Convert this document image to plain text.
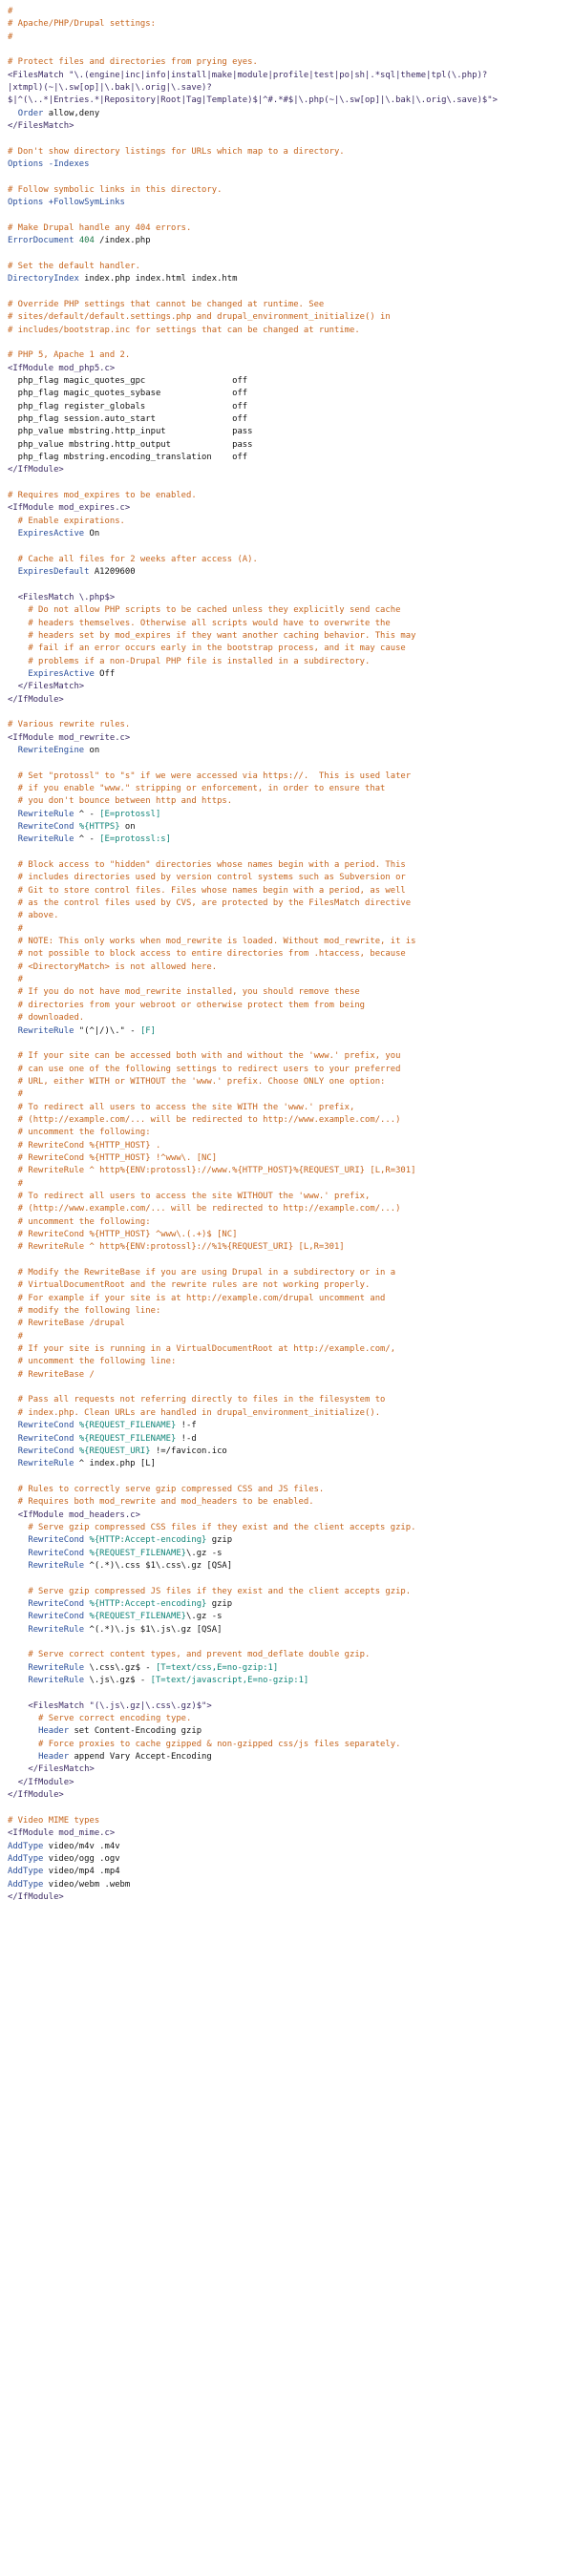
#
# Apache/PHP/Drupal settings:
#
# Protect files and directories from prying eyes.
<FilesMatch "\.(engine|inc|info|install|make|module|profile|test|po|sh|.*sql|theme|tpl(\.php)?
|xtmpl)(~|\.sw[op]|\.bak|\.orig|\.save)?
$|^(\..*|Entries.*|Repository|Root|Tag|Template)$|^#.*#$|\.php(~|\.sw[op]|\.bak|\.orig\.save)$">
Order allow,deny
</FilesMatch>
# Don't show directory listings for URLs which map to a directory.
Options -Indexes
# Follow symbolic links in this directory.
Options +FollowSymLinks
# Make Drupal handle any 404 errors.
ErrorDocument 404 /index.php
# Set the default handler.
DirectoryIndex index.php index.html index.htm
# Override PHP settings that cannot be changed at runtime. See
# sites/default/default.settings.php and drupal_environment_initialize() in
# includes/bootstrap.inc for settings that can be changed at runtime.
# PHP 5, Apache 1 and 2.
<IfModule mod_php5.c>
php_flag magic_quotes_gpc                 off
php_flag magic_quotes_sybase              off
php_flag register_globals                 off
php_flag session.auto_start               off
php_value mbstring.http_input             pass
php_value mbstring.http_output            pass
php_flag mbstring.encoding_translation    off
</IfModule>
# Requires mod_expires to be enabled.
<IfModule mod_expires.c>
# Enable expirations.
ExpiresActive On
# Cache all files for 2 weeks after access (A).
ExpiresDefault A1209600
<FilesMatch \.php$>
# Do not allow PHP scripts to be cached unless they explicitly send cache
# headers themselves. Otherwise all scripts would have to overwrite the
# headers set by mod_expires if they want another caching behavior. This may
# fail if an error occurs early in the bootstrap process, and it may cause
# problems if a non-Drupal PHP file is installed in a subdirectory.
ExpiresActive Off
</FilesMatch>
</IfModule>
# Various rewrite rules.
<IfModule mod_rewrite.c>
RewriteEngine on
# Set "protossl" to "s" if we were accessed via https://.  This is used later
# if you enable "www." stripping or enforcement, in order to ensure that
# you don't bounce between http and https.
RewriteRule ^ - [E=protossl]
RewriteCond %{HTTPS} on
RewriteRule ^ - [E=protossl:s]
# Block access to "hidden" directories whose names begin with a period. This
# includes directories used by version control systems such as Subversion or
# Git to store control files. Files whose names begin with a period, as well
# as the control files used by CVS, are protected by the FilesMatch directive
# above.
#
# NOTE: This only works when mod_rewrite is loaded. Without mod_rewrite, it is
# not possible to block access to entire directories from .htaccess, because
# <DirectoryMatch> is not allowed here.
#
# If you do not have mod_rewrite installed, you should remove these
# directories from your webroot or otherwise protect them from being
# downloaded.
RewriteRule "(^|/)\." - [F]
# If your site can be accessed both with and without the 'www.' prefix, you
# can use one of the following settings to redirect users to your preferred
# URL, either WITH or WITHOUT the 'www.' prefix. Choose ONLY one option:
#
# To redirect all users to access the site WITH the 'www.' prefix,
# (http://example.com/... will be redirected to http://www.example.com/...)
# uncomment the following:
# RewriteCond %{HTTP_HOST} .
# RewriteCond %{HTTP_HOST} !^www\. [NC]
# RewriteRule ^ http%{ENV:protossl}://www.%{HTTP_HOST}%{REQUEST_URI} [L,R=301]
#
# To redirect all users to access the site WITHOUT the 'www.' prefix,
# (http://www.example.com/... will be redirected to http://example.com/...)
# uncomment the following:
# RewriteCond %{HTTP_HOST} ^www\.(.+)$ [NC]
# RewriteRule ^ http%{ENV:protossl}://%1%{REQUEST_URI} [L,R=301]
# Modify the RewriteBase if you are using Drupal in a subdirectory or in a
# VirtualDocumentRoot and the rewrite rules are not working properly.
# For example if your site is at http://example.com/drupal uncomment and
# modify the following line:
# RewriteBase /drupal
#
# If your site is running in a VirtualDocumentRoot at http://example.com/,
# uncomment the following line:
# RewriteBase /
# Pass all requests not referring directly to files in the filesystem to
# index.php. Clean URLs are handled in drupal_environment_initialize().
RewriteCond %{REQUEST_FILENAME} !-f
RewriteCond %{REQUEST_FILENAME} !-d
RewriteCond %{REQUEST_URI} !=/favicon.ico
RewriteRule ^ index.php [L]
# Rules to correctly serve gzip compressed CSS and JS files.
# Requires both mod_rewrite and mod_headers to be enabled.
<IfModule mod_headers.c>
# Serve gzip compressed CSS files if they exist and the client accepts gzip.
RewriteCond %{HTTP:Accept-encoding} gzip
RewriteCond %{REQUEST_FILENAME}\.gz -s
RewriteRule ^(.*)\.css $1\.css\.gz [QSA]
# Serve gzip compressed JS files if they exist and the client accepts gzip.
RewriteCond %{HTTP:Accept-encoding} gzip
RewriteCond %{REQUEST_FILENAME}\.gz -s
RewriteRule ^(.*)\.js $1\.js\.gz [QSA]
# Serve correct content types, and prevent mod_deflate double gzip.
RewriteRule \.css\.gz$ - [T=text/css,E=no-gzip:1]
RewriteRule \.js\.gz$ - [T=text/javascript,E=no-gzip:1]
<FilesMatch "(\.js\.gz|\.css\.gz)$">
# Serve correct encoding type.
Header set Content-Encoding gzip
# Force proxies to cache gzipped & non-gzipped css/js files separately.
Header append Vary Accept-Encoding
</FilesMatch>
</IfModule>
</IfModule>
# Video MIME types
<IfModule mod_mime.c>
AddType video/m4v .m4v
AddType video/ogg .ogv
AddType video/mp4 .mp4
AddType video/webm .webm
</IfModule>
